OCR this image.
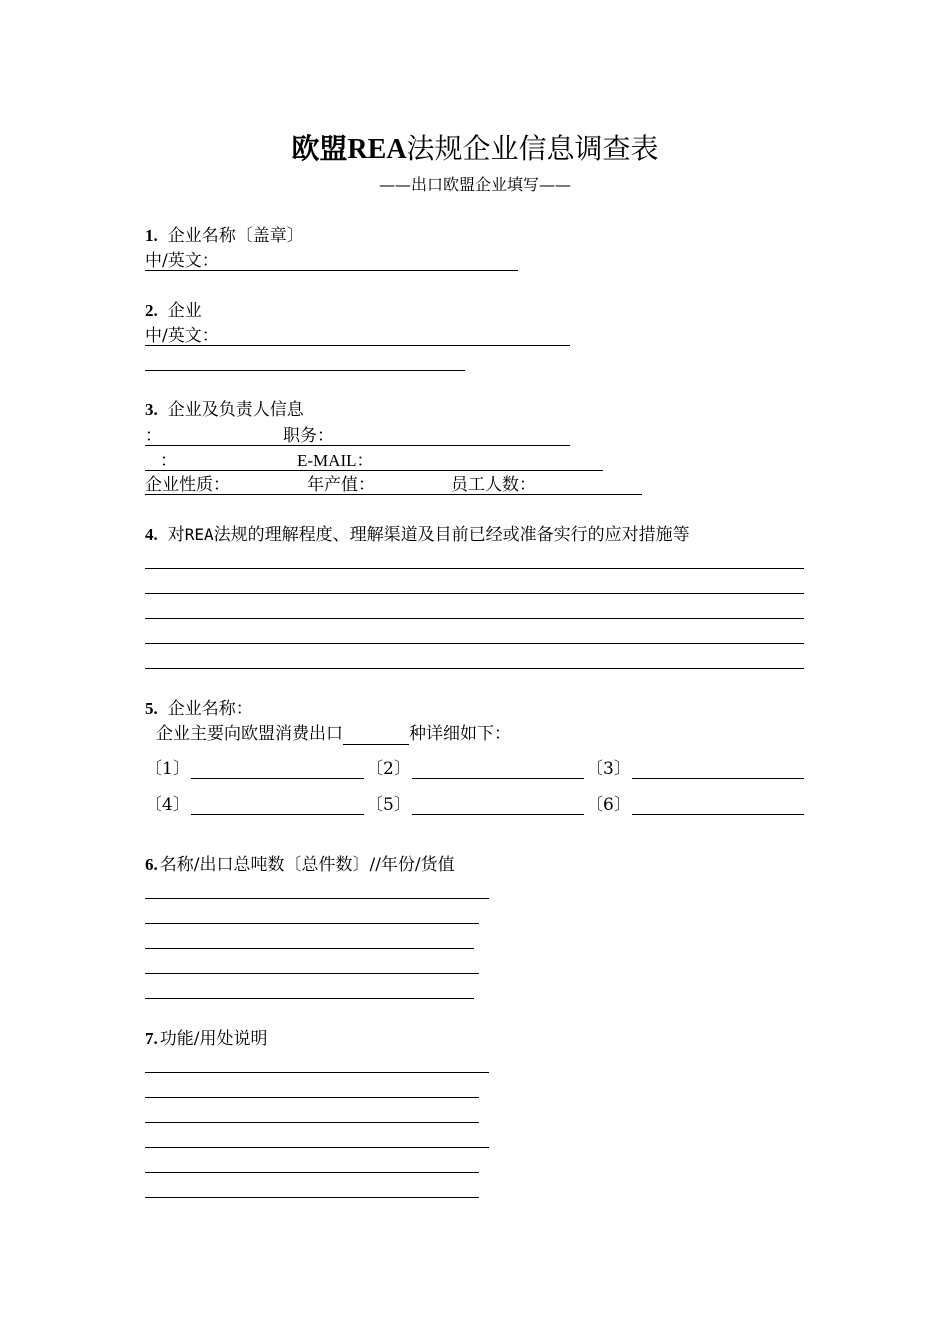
欧盟REA法规企业信息调查表
——出口欧盟企业填写——
1. 企业名称〔盖章〕
中/英文：
2. 企业
中/英文：
3. 企业及负责人信息
：	职务：
：	E-MAIL：
企业性质：	年产值：	员工人数：
4. 对REA法规的理解程度、理解渠道及目前已经或准备实行的应对措施等
5. 企业名称：
企业主要向欧盟消费出口	种详细如下：
〔1〕	〔2〕	〔3〕
〔4〕	〔5〕	〔6〕
6. 名称/出口总吨数〔总件数〕//年份/货值
7. 功能/用处说明
